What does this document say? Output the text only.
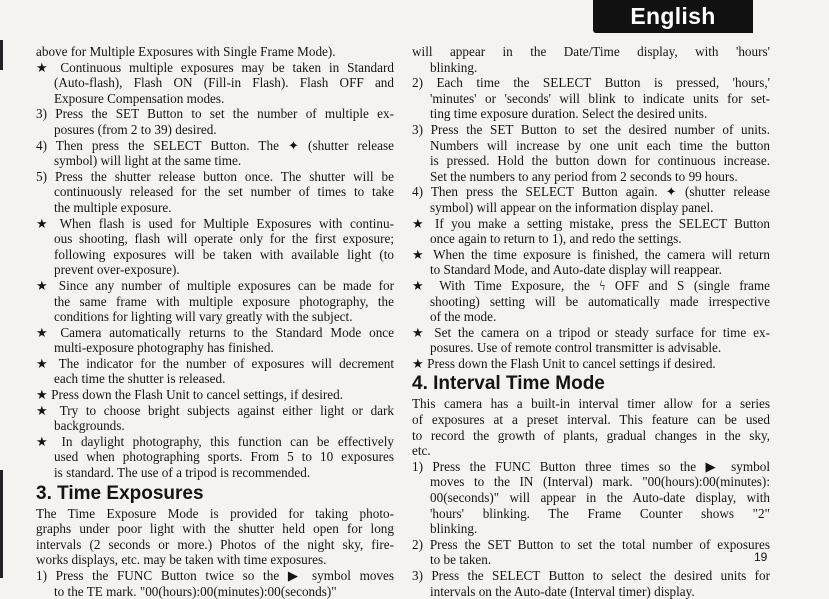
English
above for Multiple Exposures with Single Frame Mode).
★ Continuous multiple exposures may be taken in Standard
(Auto-flash), Flash ON (Fill-in Flash). Flash OFF and
Exposure Compensation modes.
3) Press the SET Button to set the number of multiple ex-
posures (from 2 to 39) desired.
4) Then press the SELECT Button. The ✦ (shutter release
symbol) will light at the same time.
5) Press the shutter release button once. The shutter will be
continuously released for the set number of times to take
the multiple exposure.
★ When flash is used for Multiple Exposures with continu-
ous shooting, flash will operate only for the first exposure;
following exposures will be taken with available light (to
prevent over-exposure).
★ Since any number of multiple exposures can be made for
the same frame with multiple exposure photography, the
conditions for lighting will vary greatly with the subject.
★ Camera automatically returns to the Standard Mode once
multi-exposure photography has finished.
★ The indicator for the number of exposures will decrement
each time the shutter is released.
★ Press down the Flash Unit to cancel settings, if desired.
★ Try to choose bright subjects against either light or dark
backgrounds.
★ In daylight photography, this function can be effectively
used when photographing sports. From 5 to 10 exposures
is standard. The use of a tripod is recommended.
3. Time Exposures
The Time Exposure Mode is provided for taking photo-
graphs under poor light with the shutter held open for long
intervals (2 seconds or more.) Photos of the night sky, fire-
works displays, etc. may be taken with time exposures.
1) Press the FUNC Button twice so the ▶ symbol moves
to the TE mark. "00(hours):00(minutes):00(seconds)"
will appear in the Date/Time display, with 'hours'
blinking.
2) Each time the SELECT Button is pressed, 'hours,'
'minutes' or 'seconds' will blink to indicate units for set-
ting time exposure duration. Select the desired units.
3) Press the SET Button to set the desired number of units.
Numbers will increase by one unit each time the button
is pressed. Hold the button down for continuous increase.
Set the numbers to any period from 2 seconds to 99 hours.
4) Then press the SELECT Button again. ✦ (shutter release
symbol) will appear on the information display panel.
★ If you make a setting mistake, press the SELECT Button
once again to return to 1), and redo the settings.
★ When the time exposure is finished, the camera will return
to Standard Mode, and Auto-date display will reappear.
★ With Time Exposure, the ϟ OFF and S (single frame
shooting) setting will be automatically made irrespective
of the mode.
★ Set the camera on a tripod or steady surface for time ex-
posures. Use of remote control transmitter is advisable.
★ Press down the Flash Unit to cancel settings if desired.
4. Interval Time Mode
This camera has a built-in interval timer allow for a series
of exposures at a preset interval. This feature can be used
to record the growth of plants, gradual changes in the sky,
etc.
1) Press the FUNC Button three times so the ▶ symbol
moves to the IN (Interval) mark. "00(hours):00(minutes):
00(seconds)" will appear in the Auto-date display, with
'hours' blinking. The Frame Counter shows "2"
blinking.
2) Press the SET Button to set the total number of exposures
to be taken.
3) Press the SELECT Button to select the desired units for
intervals on the Auto-date (Interval timer) display.
19
